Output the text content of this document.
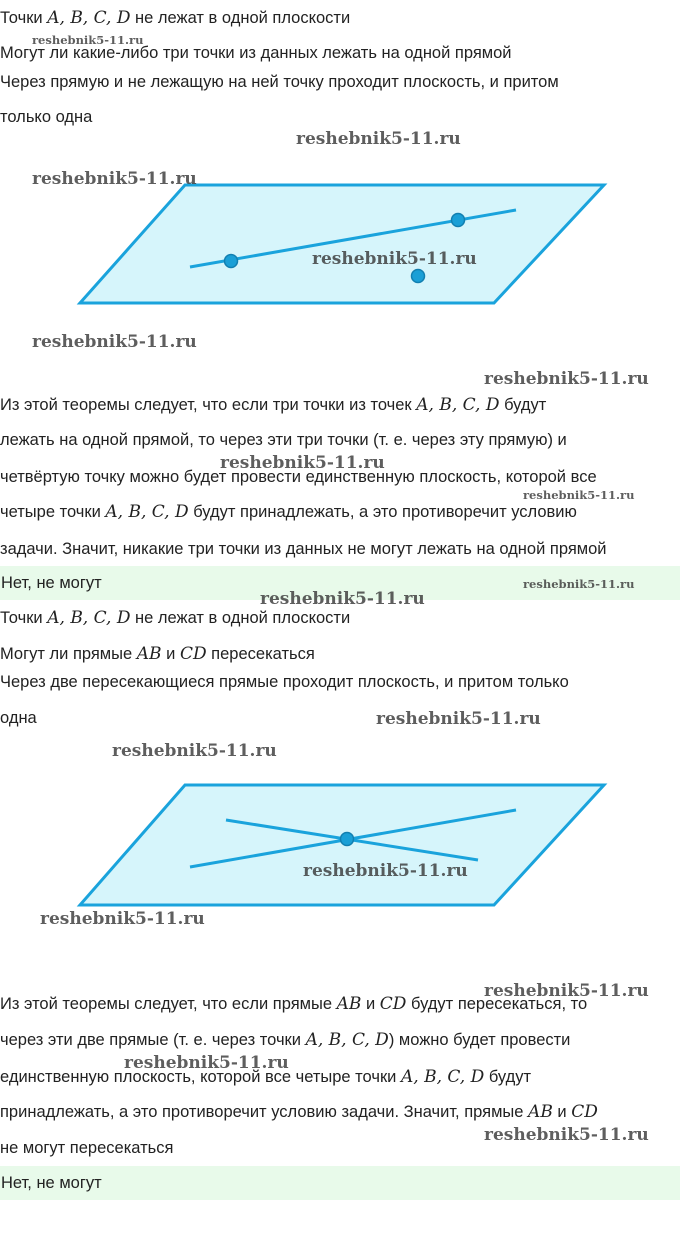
Точки A, B, C, D не лежат в одной плоскости
Могут ли какие-либо три точки из данных лежать на одной прямой
Через прямую и не лежащую на ней точку проходит плоскость, и притом
только одна
Из этой теоремы следует, что если три точки из точек A, B, C, D будут
лежать на одной прямой, то через эти три точки (т. е. через эту прямую) и
четвёртую точку можно будет провести единственную плоскость, которой все
четыре точки A, B, C, D будут принадлежать, а это противоречит условию
задачи. Значит, никакие три точки из данных не могут лежать на одной прямой
Нет, не могут
Точки A, B, C, D не лежат в одной плоскости
Могут ли прямые AB и CD пересекаться
Через две пересекающиеся прямые проходит плоскость, и притом только
одна
Из этой теоремы следует, что если прямые AB и CD будут пересекаться, то
через эти две прямые (т. е. через точки A, B, C, D) можно будет провести
единственную плоскость, которой все четыре точки A, B, C, D будут
принадлежать, а это противоречит условию задачи. Значит, прямые AB и CD
не могут пересекаться
Нет, не могут
reshebnik5-11.ru
reshebnik5-11.ru
reshebnik5-11.ru
reshebnik5-11.ru
reshebnik5-11.ru
reshebnik5-11.ru
reshebnik5-11.ru
reshebnik5-11.ru
reshebnik5-11.ru
reshebnik5-11.ru
reshebnik5-11.ru
reshebnik5-11.ru
reshebnik5-11.ru
reshebnik5-11.ru
reshebnik5-11.ru
reshebnik5-11.ru
reshebnik5-11.ru
